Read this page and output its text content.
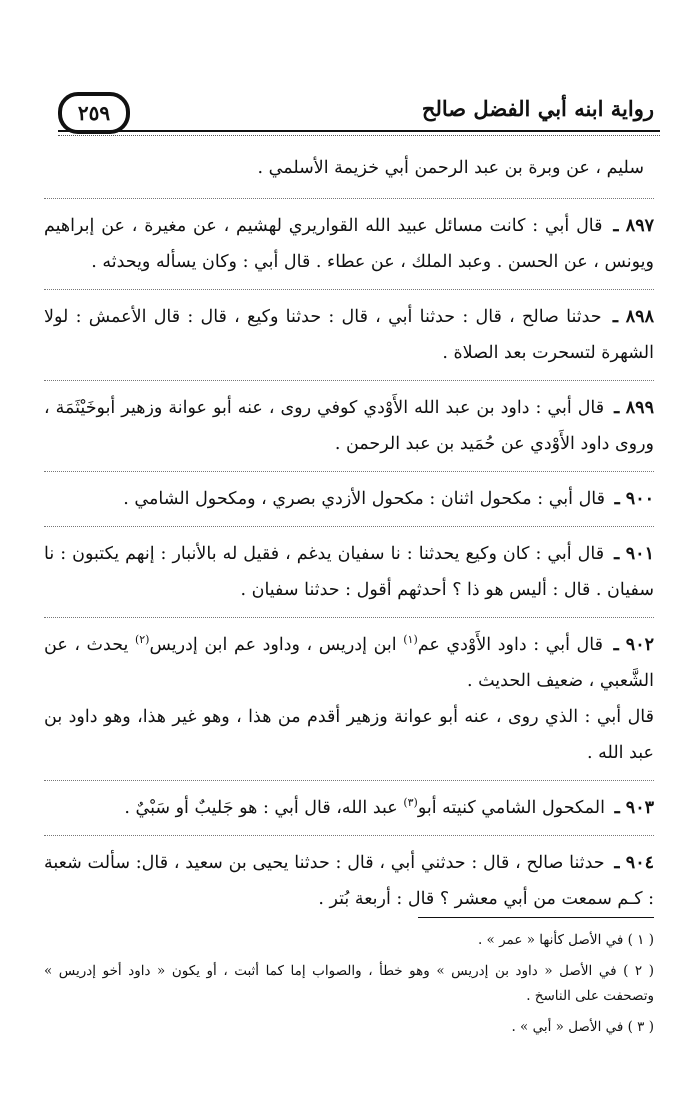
رواية ابنه أبي الفضل صالح
٢٥٩

سليم ، عن وبرة بن عبد الرحمن أبي خزيمة الأسلمي .

٨٩٧ ـ قال أبي : كانت مسائل عبيد الله القواريري لهشيم ، عن مغيرة ، عن إبراهيم ويونس ، عن الحسن . وعبد الملك ، عن عطاء . قال أبي : وكان يسأله ويحدثه .

٨٩٨ ـ حدثنا صالح ، قال : حدثنا أبي ، قال : حدثنا وكيع ، قال : قال الأعمش : لولا الشهرة لتسحرت بعد الصلاة .

٨٩٩ ـ قال أبي : داود بن عبد الله الأَوْدي كوفي روى ، عنه أبو عوانة وزهير أبوخَيْثَمَة ، وروى داود الأَوْدي عن حُمَيد بن عبد الرحمن .

٩٠٠ ـ قال أبي : مكحول اثنان : مكحول الأزدي بصري ، ومكحول الشامي .

٩٠١ ـ قال أبي : كان وكيع يحدثنا : نا سفيان يدغم ، فقيل له بالأنبار : إنهم يكتبون : نا سفيان . قال : أليس هو ذا ؟ أحدثهم أقول : حدثنا سفيان .

٩٠٢ ـ قال أبي : داود الأَوْدي عم$^{(١)}$ ابن إدريس ، وداود عم ابن إدريس$^{(٢)}$ يحدث ، عن الشَّعبي ، ضعيف الحديث .

قال أبي : الذي روى ، عنه أبو عوانة وزهير أقدم من هذا ، وهو غير هذا، وهو داود بن عبد الله .

٩٠٣ ـ المكحول الشامي كنيته أبو$^{(٣)}$ عبد الله، قال أبي : هو جَليبٌ أو سَبْيٌ .

٩٠٤ ـ حدثنا صالح ، قال : حدثني أبي ، قال : حدثنا يحيى بن سعيد ، قال: سألت شعبة : كـم سمعت من أبي معشر ؟ قال : أربعة بُتر .

( ١ ) في الأصل كأنها « عمر » .

( ٢ ) في الأصل « داود بن إدريس » وهو خطأ ، والصواب إما كما أثبت ، أو يكون « داود أخو إدريس » وتصحفت على الناسخ .

( ٣ ) في الأصل « أبي » .
